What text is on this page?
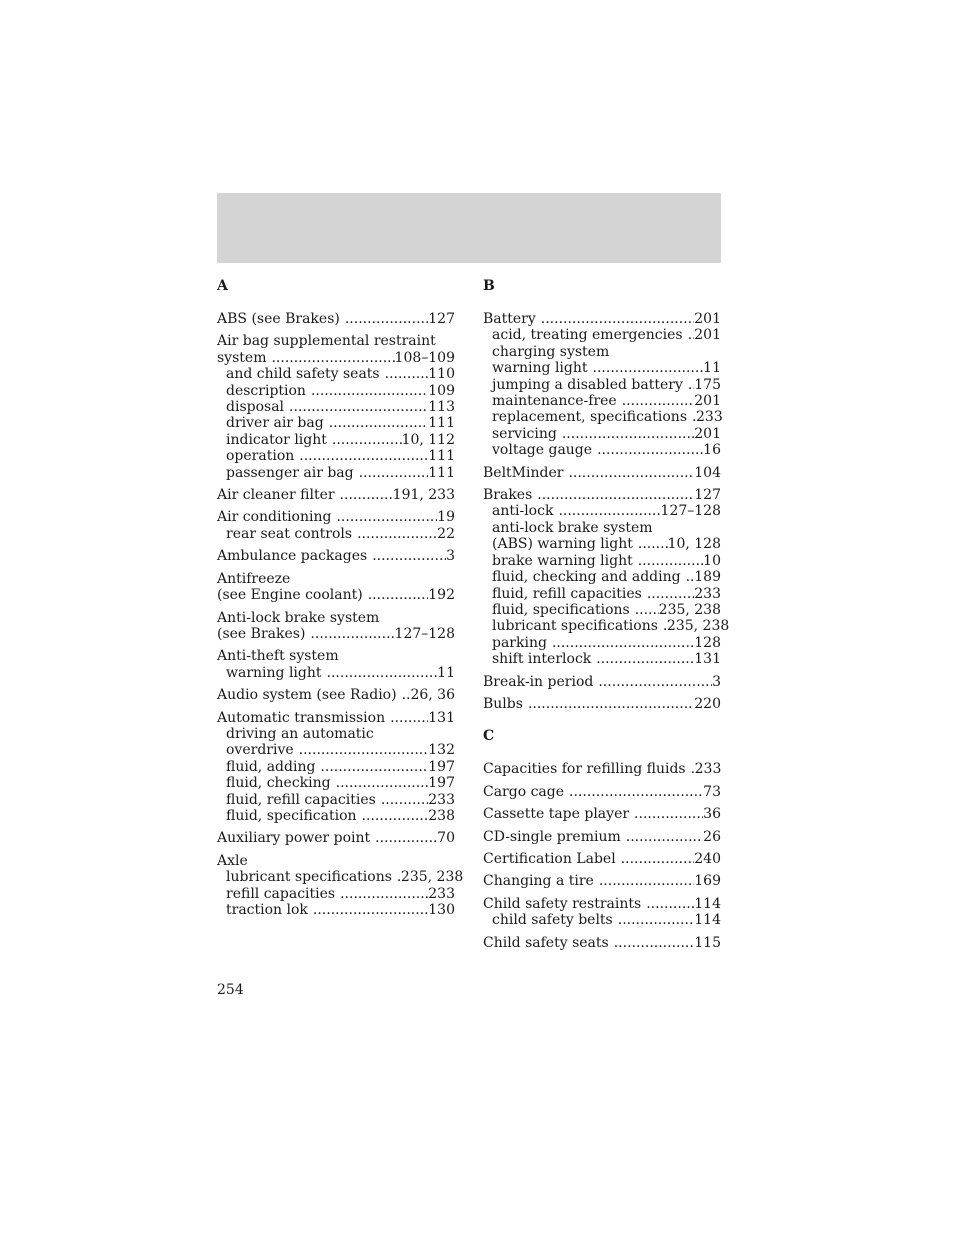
A
ABS (see Brakes) .....	127
Air bag supplemental restraint
system .....	108–109
and child safety seats .....	110
description .....	109
disposal .....	113
driver air bag .....	111
indicator light .....	10, 112
operation .....	111
passenger air bag .....	111
Air cleaner filter .....	191, 233
Air conditioning .....	19
rear seat controls .....	22
Ambulance packages .....	3
Antifreeze
(see Engine coolant) .....	192
Anti-lock brake system
(see Brakes) .....	127–128
Anti-theft system
warning light .....	11
Audio system (see Radio) ..... 26, 36
Automatic transmission .....	131
driving an automatic
overdrive .....	132
fluid, adding .....	197
fluid, checking .....	197
fluid, refill capacities .....	233
fluid, specification .....	238
Auxiliary power point .....	70
Axle
lubricant specifications ..... 235, 238
refill capacities .....	233
traction lok .....	130
B
Battery .....	201
acid, treating emergencies ..... 201
charging system
warning light .....	11
jumping a disabled battery ..... 175
maintenance-free .....	201
replacement, specifications ..... 233
servicing .....	201
voltage gauge .....	16
BeltMinder .....	104
Brakes .....	127
anti-lock .....	127–128
anti-lock brake system
(ABS) warning light ..... 10, 128
brake warning light .....	10
fluid, checking and adding ..... 189
fluid, refill capacities .....	233
fluid, specifications ..... 235, 238
lubricant specifications ..... 235, 238
parking .....	128
shift interlock .....	131
Break-in period .....	3
Bulbs .....	220
C
Capacities for refilling fluids ..... 233
Cargo cage .....	73
Cassette tape player .....	36
CD-single premium .....	26
Certification Label .....	240
Changing a tire .....	169
Child safety restraints .....	114
child safety belts .....	114
Child safety seats .....	115
254
